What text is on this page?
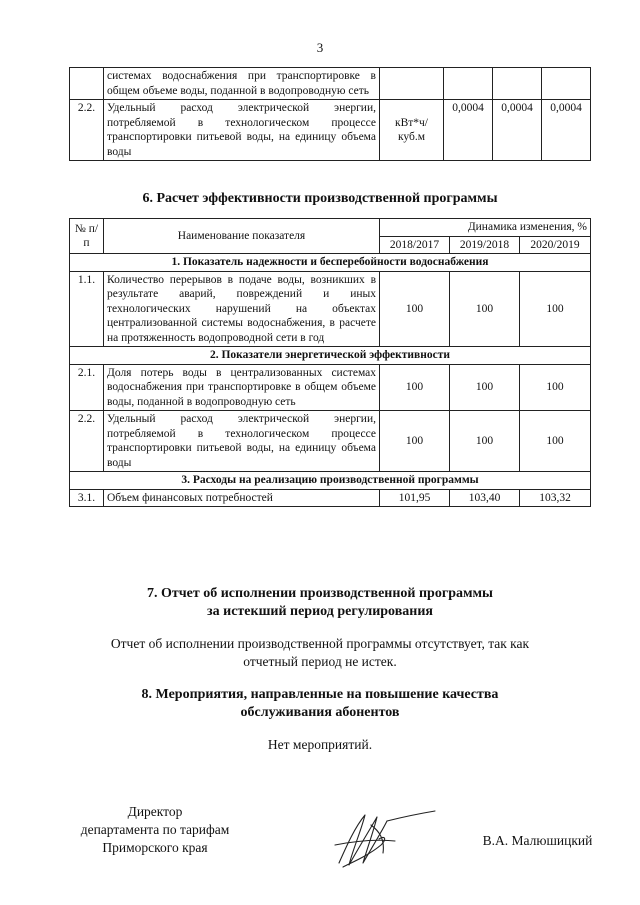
3
	системах водоснабжения при транспортировке в общем объеме воды, поданной в водопроводную сеть				
2.2.	Удельный расход электрической энергии, потребляемой в технологическом процессе транспортировки питьевой воды, на единицу объема воды	кВт*ч/ куб.м	0,0004	0,0004	0,0004
6. Расчет эффективности производственной программы
№ п/п	Наименование показателя	Динамика изменения, %		
		2018/2017	2019/2018	2020/2019
1. Показатель надежности и бесперебойности водоснабжения				
1.1.	Количество перерывов в подаче воды, возникших в результате аварий, повреждений и иных технологических нарушений на объектах централизованной системы водоснабжения, в расчете на протяженность водопроводной сети в год	100	100	100
2. Показатели энергетической эффективности				
2.1.	Доля потерь воды в централизованных системах водоснабжения при транспортировке в общем объеме воды, поданной в водопроводную сеть	100	100	100
2.2.	Удельный расход электрической энергии, потребляемой в технологическом процессе транспортировки питьевой воды, на единицу объема воды	100	100	100
3. Расходы на реализацию производственной программы				
3.1.	Объем финансовых потребностей	101,95	103,40	103,32
7. Отчет об исполнении производственной программы
за истекший период регулирования
Отчет об исполнении производственной программы отсутствует, так как
отчетный период не истек.
8. Мероприятия, направленные на повышение качества
обслуживания абонентов
Нет мероприятий.
Директор
департамента по тарифам
Приморского края	В.А. Малюшицкий
